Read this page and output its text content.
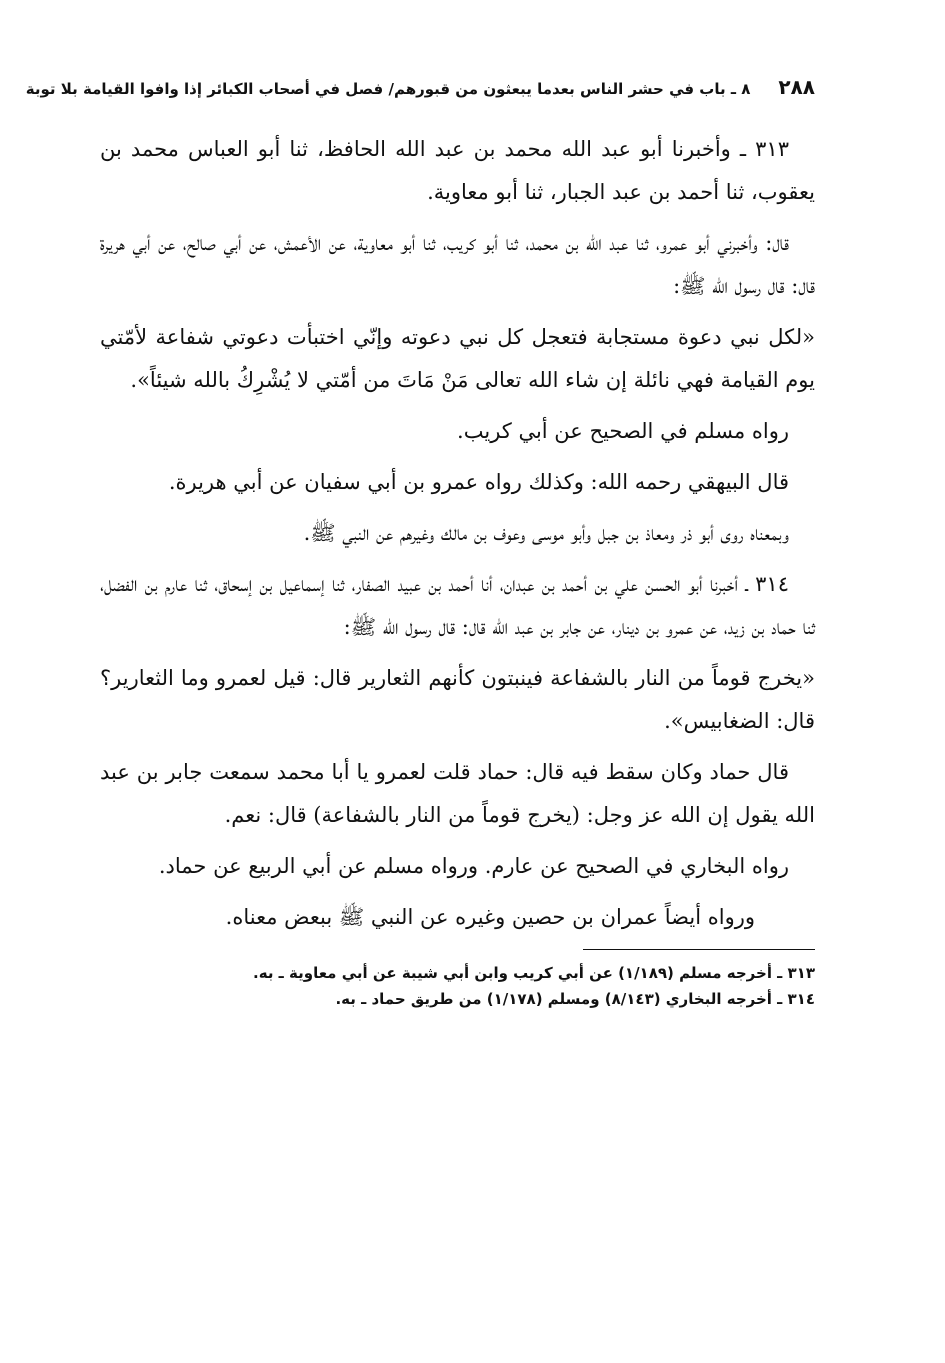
٢٨٨
٨ ـ باب في حشر الناس بعدما يبعثون من قبورهم/ فصل في أصحاب الكبائر إذا وافوا القيامة بلا توبة

٣١٣ ـ وأخبرنا أبو عبد الله محمد بن عبد الله الحافظ، ثنا أبو العباس محمد بن يعقوب، ثنا أحمد بن عبد الجبار، ثنا أبو معاوية.

قال: وأخبرني أبو عمرو، ثنا عبد الله بن محمد، ثنا أبو كريب، ثنا أبو معاوية، عن الأعمش، عن أبي صالح، عن أبي هريرة قال: قال رسول الله ﷺ:

«لكل نبي دعوة مستجابة فتعجل كل نبي دعوته وإنّي اختبأت دعوتي شفاعة لأمّتي يوم القيامة فهي نائلة إن شاء الله تعالى مَنْ مَاتَ من أمّتي لا يُشْرِكُ بالله شيئاً».

رواه مسلم في الصحيح عن أبي كريب.

قال البيهقي رحمه الله: وكذلك رواه عمرو بن أبي سفيان عن أبي هريرة.

وبمعناه روى أبو ذر ومعاذ بن جبل وأبو موسى وعوف بن مالك وغيرهم عن النبي ﷺ.

٣١٤ ـ أخبرنا أبو الحسن علي بن أحمد بن عبدان، أنا أحمد بن عبيد الصفار، ثنا إسماعيل بن إسحاق، ثنا عارم بن الفضل، ثنا حماد بن زيد، عن عمرو بن دينار، عن جابر بن عبد الله قال: قال رسول الله ﷺ:

«يخرج قوماً من النار بالشفاعة فينبتون كأنهم الثعارير قال: قيل لعمرو وما الثعارير؟ قال: الضغابيس».

قال حماد وكان سقط فيه قال: حماد قلت لعمرو يا أبا محمد سمعت جابر بن عبد الله يقول إن الله عز وجل: (يخرج قوماً من النار بالشفاعة) قال: نعم.

رواه البخاري في الصحيح عن عارم. ورواه مسلم عن أبي الربيع عن حماد.

ورواه أيضاً عمران بن حصين وغيره عن النبي ﷺ ببعض معناه.

٣١٣ ـ أخرجه مسلم (١/١٨٩) عن أبي كريب وابن أبي شيبة عن أبي معاوية ـ به.

٣١٤ ـ أخرجه البخاري (٨/١٤٣) ومسلم (١/١٧٨) من طريق حماد ـ به.
